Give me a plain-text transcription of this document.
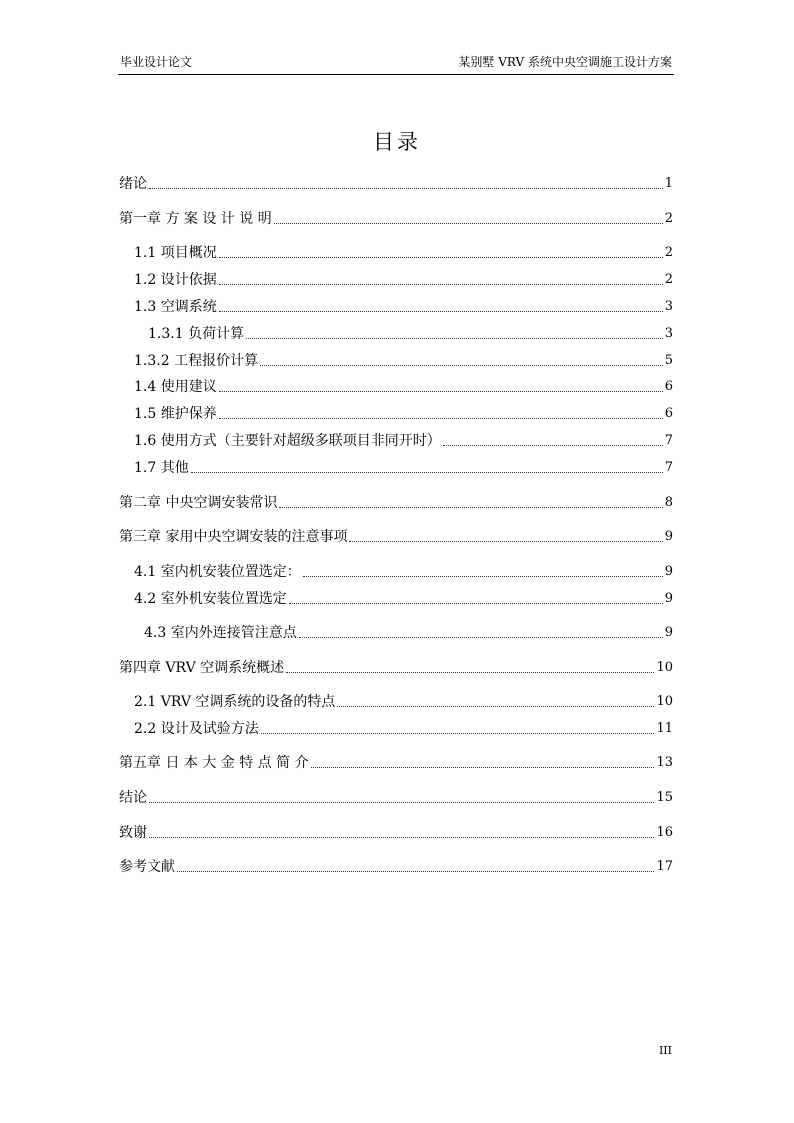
毕业设计论文	某别墅 VRV 系统中央空调施工设计方案
目录
绪论	1
第一章 方 案 设 计 说 明	2
1.1 项目概况	2
1.2 设计依据	2
1.3 空调系统	3
1.3.1 负荷计算	3
1.3.2 工程报价计算	5
1.4 使用建议	6
1.5 维护保养	6
1.6 使用方式（主要针对超级多联项目非同开时）	7
1.7 其他	7
第二章 中央空调安装常识	8
第三章 家用中央空调安装的注意事项	9
4.1 室内机安装位置选定：	9
4.2 室外机安装位置选定	9
4.3 室内外连接管注意点	9
第四章 VRV 空调系统概述	10
2.1 VRV 空调系统的设备的特点	10
2.2 设计及试验方法	11
第五章 日 本 大 金 特 点 简 介	13
结论	15
致谢	16
参考文献	17
III
